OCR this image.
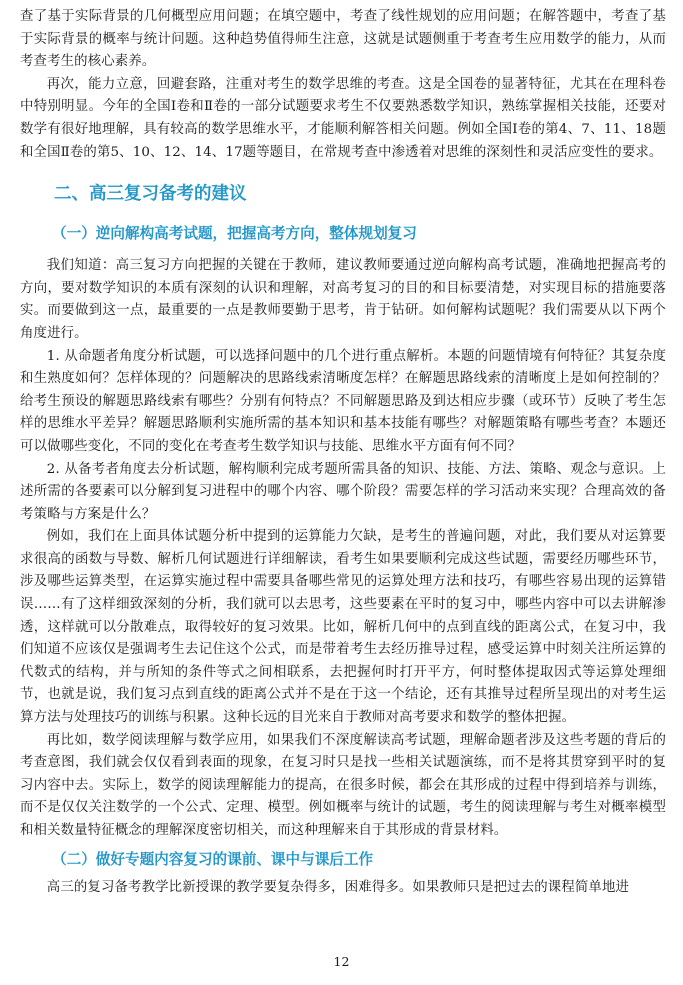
查了基于实际背景的几何概型应用问题；在填空题中，考查了线性规划的应用问题；在解答题中，考查了基于实际背景的概率与统计问题。这种趋势值得师生注意，这就是试题侧重于考查考生应用数学的能力，从而考查考生的核心素养。

再次，能力立意，回避套路，注重对考生的数学思维的考查。这是全国卷的显著特征，尤其在在理科卷中特别明显。今年的全国Ⅰ卷和Ⅱ卷的一部分试题要求考生不仅要熟悉数学知识，熟练掌握相关技能，还要对数学有很好地理解，具有较高的数学思维水平，才能顺利解答相关问题。例如全国Ⅰ卷的第4、7、11、18题和全国Ⅱ卷的第5、10、12、14、17题等题目，在常规考查中渗透着对思维的深刻性和灵活应变性的要求。

二、高三复习备考的建议
（一）逆向解构高考试题，把握高考方向，整体规划复习

我们知道：高三复习方向把握的关键在于教师，建议教师要通过逆向解构高考试题，准确地把握高考的方向，要对数学知识的本质有深刻的认识和理解，对高考复习的目的和目标要清楚，对实现目标的措施要落实。而要做到这一点，最重要的一点是教师要勤于思考，肯于钻研。如何解构试题呢？我们需要从以下两个角度进行。

1. 从命题者角度分析试题，可以选择问题中的几个进行重点解析。本题的问题情境有何特征？其复杂度和生熟度如何？怎样体现的？问题解决的思路线索清晰度怎样？在解题思路线索的清晰度上是如何控制的？给考生预设的解题思路线索有哪些？分别有何特点？不同解题思路及到达相应步骤（或环节）反映了考生怎样的思维水平差异？解题思路顺利实施所需的基本知识和基本技能有哪些？对解题策略有哪些考查？本题还可以做哪些变化，不同的变化在考查考生数学知识与技能、思维水平方面有何不同？

2. 从备考者角度去分析试题，解构顺利完成考题所需具备的知识、技能、方法、策略、观念与意识。上述所需的各要素可以分解到复习进程中的哪个内容、哪个阶段？需要怎样的学习活动来实现？合理高效的备考策略与方案是什么？

例如，我们在上面具体试题分析中提到的运算能力欠缺，是考生的普遍问题，对此，我们要从对运算要求很高的函数与导数、解析几何试题进行详细解读，看考生如果要顺利完成这些试题，需要经历哪些环节，涉及哪些运算类型，在运算实施过程中需要具备哪些常见的运算处理方法和技巧，有哪些容易出现的运算错误……有了这样细致深刻的分析，我们就可以去思考，这些要素在平时的复习中，哪些内容中可以去讲解渗透，这样就可以分散难点，取得较好的复习效果。比如，解析几何中的点到直线的距离公式，在复习中，我们知道不应该仅是强调考生去记住这个公式，而是带着考生去经历推导过程，感受运算中时刻关注所运算的代数式的结构，并与所知的条件等式之间相联系，去把握何时打开平方，何时整体提取因式等运算处理细节，也就是说，我们复习点到直线的距离公式并不是在于这一个结论，还有其推导过程所呈现出的对考生运算方法与处理技巧的训练与积累。这种长远的目光来自于教师对高考要求和数学的整体把握。

再比如，数学阅读理解与数学应用，如果我们不深度解读高考试题，理解命题者涉及这些考题的背后的考查意图，我们就会仅仅看到表面的现象，在复习时只是找一些相关试题演练，而不是将其贯穿到平时的复习内容中去。实际上，数学的阅读理解能力的提高，在很多时候，都会在其形成的过程中得到培养与训练，而不是仅仅关注数学的一个公式、定理、模型。例如概率与统计的试题，考生的阅读理解与考生对概率模型和相关数量特征概念的理解深度密切相关，而这种理解来自于其形成的背景材料。

（二）做好专题内容复习的课前、课中与课后工作

高三的复习备考教学比新授课的教学要复杂得多，困难得多。如果教师只是把过去的课程简单地进

12
